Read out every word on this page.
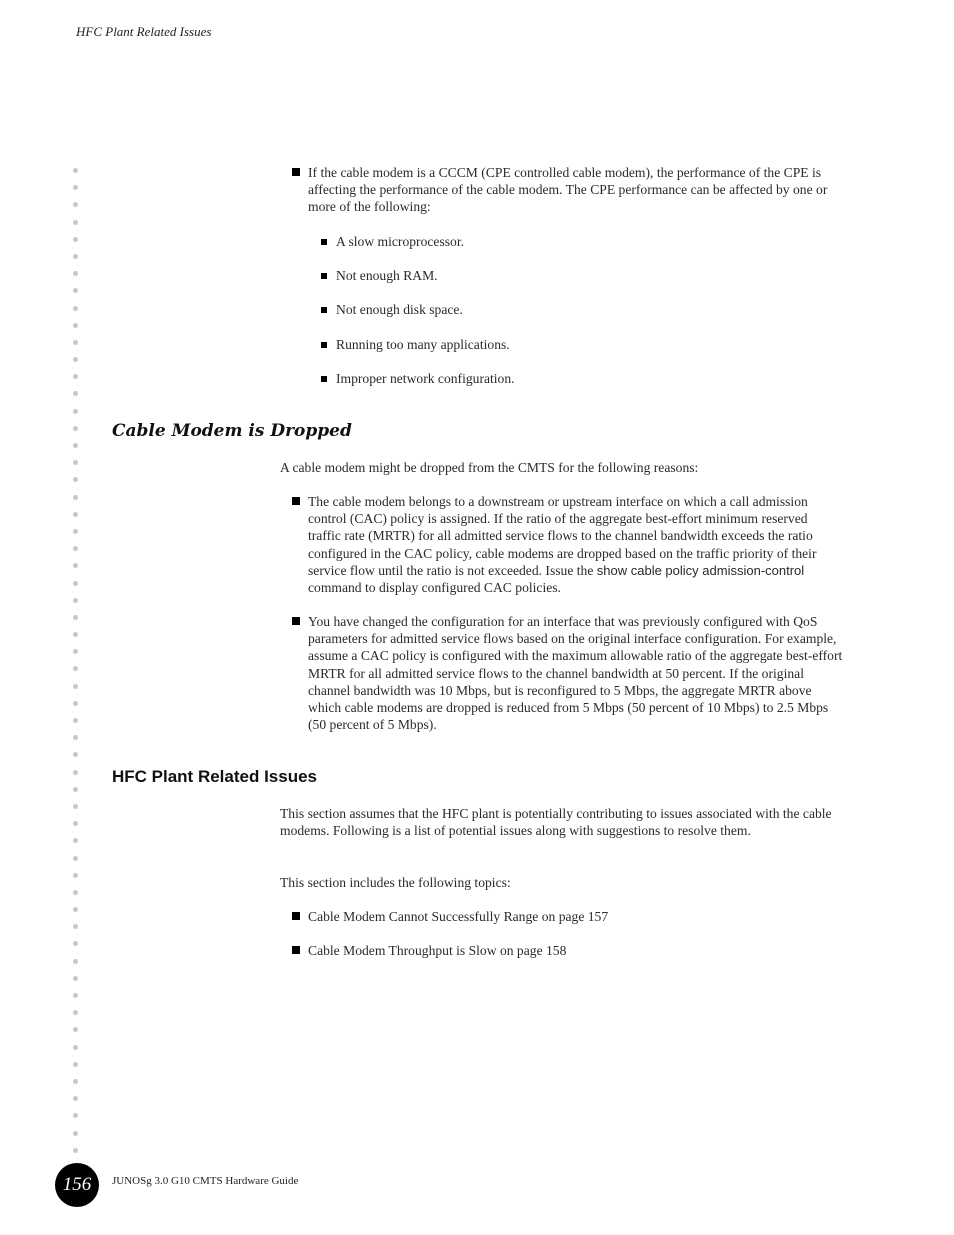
HFC Plant Related Issues
If the cable modem is a CCCM (CPE controlled cable modem), the performance of the CPE is affecting the performance of the cable modem. The CPE performance can be affected by one or more of the following:
A slow microprocessor.
Not enough RAM.
Not enough disk space.
Running too many applications.
Improper network configuration.
Cable Modem is Dropped
A cable modem might be dropped from the CMTS for the following reasons:
The cable modem belongs to a downstream or upstream interface on which a call admission control (CAC) policy is assigned. If the ratio of the aggregate best-effort minimum reserved traffic rate (MRTR) for all admitted service flows to the channel bandwidth exceeds the ratio configured in the CAC policy, cable modems are dropped based on the traffic priority of their service flow until the ratio is not exceeded. Issue the show cable policy admission-control command to display configured CAC policies.
You have changed the configuration for an interface that was previously configured with QoS parameters for admitted service flows based on the original interface configuration. For example, assume a CAC policy is configured with the maximum allowable ratio of the aggregate best-effort MRTR for all admitted service flows to the channel bandwidth at 50 percent. If the original channel bandwidth was 10 Mbps, but is reconfigured to 5 Mbps, the aggregate MRTR above which cable modems are dropped is reduced from 5 Mbps (50 percent of 10 Mbps) to 2.5 Mbps (50 percent of 5 Mbps).
HFC Plant Related Issues
This section assumes that the HFC plant is potentially contributing to issues associated with the cable modems. Following is a list of potential issues along with suggestions to resolve them.
This section includes the following topics:
Cable Modem Cannot Successfully Range on page 157
Cable Modem Throughput is Slow on page 158
156	JUNOSg 3.0 G10 CMTS Hardware Guide
